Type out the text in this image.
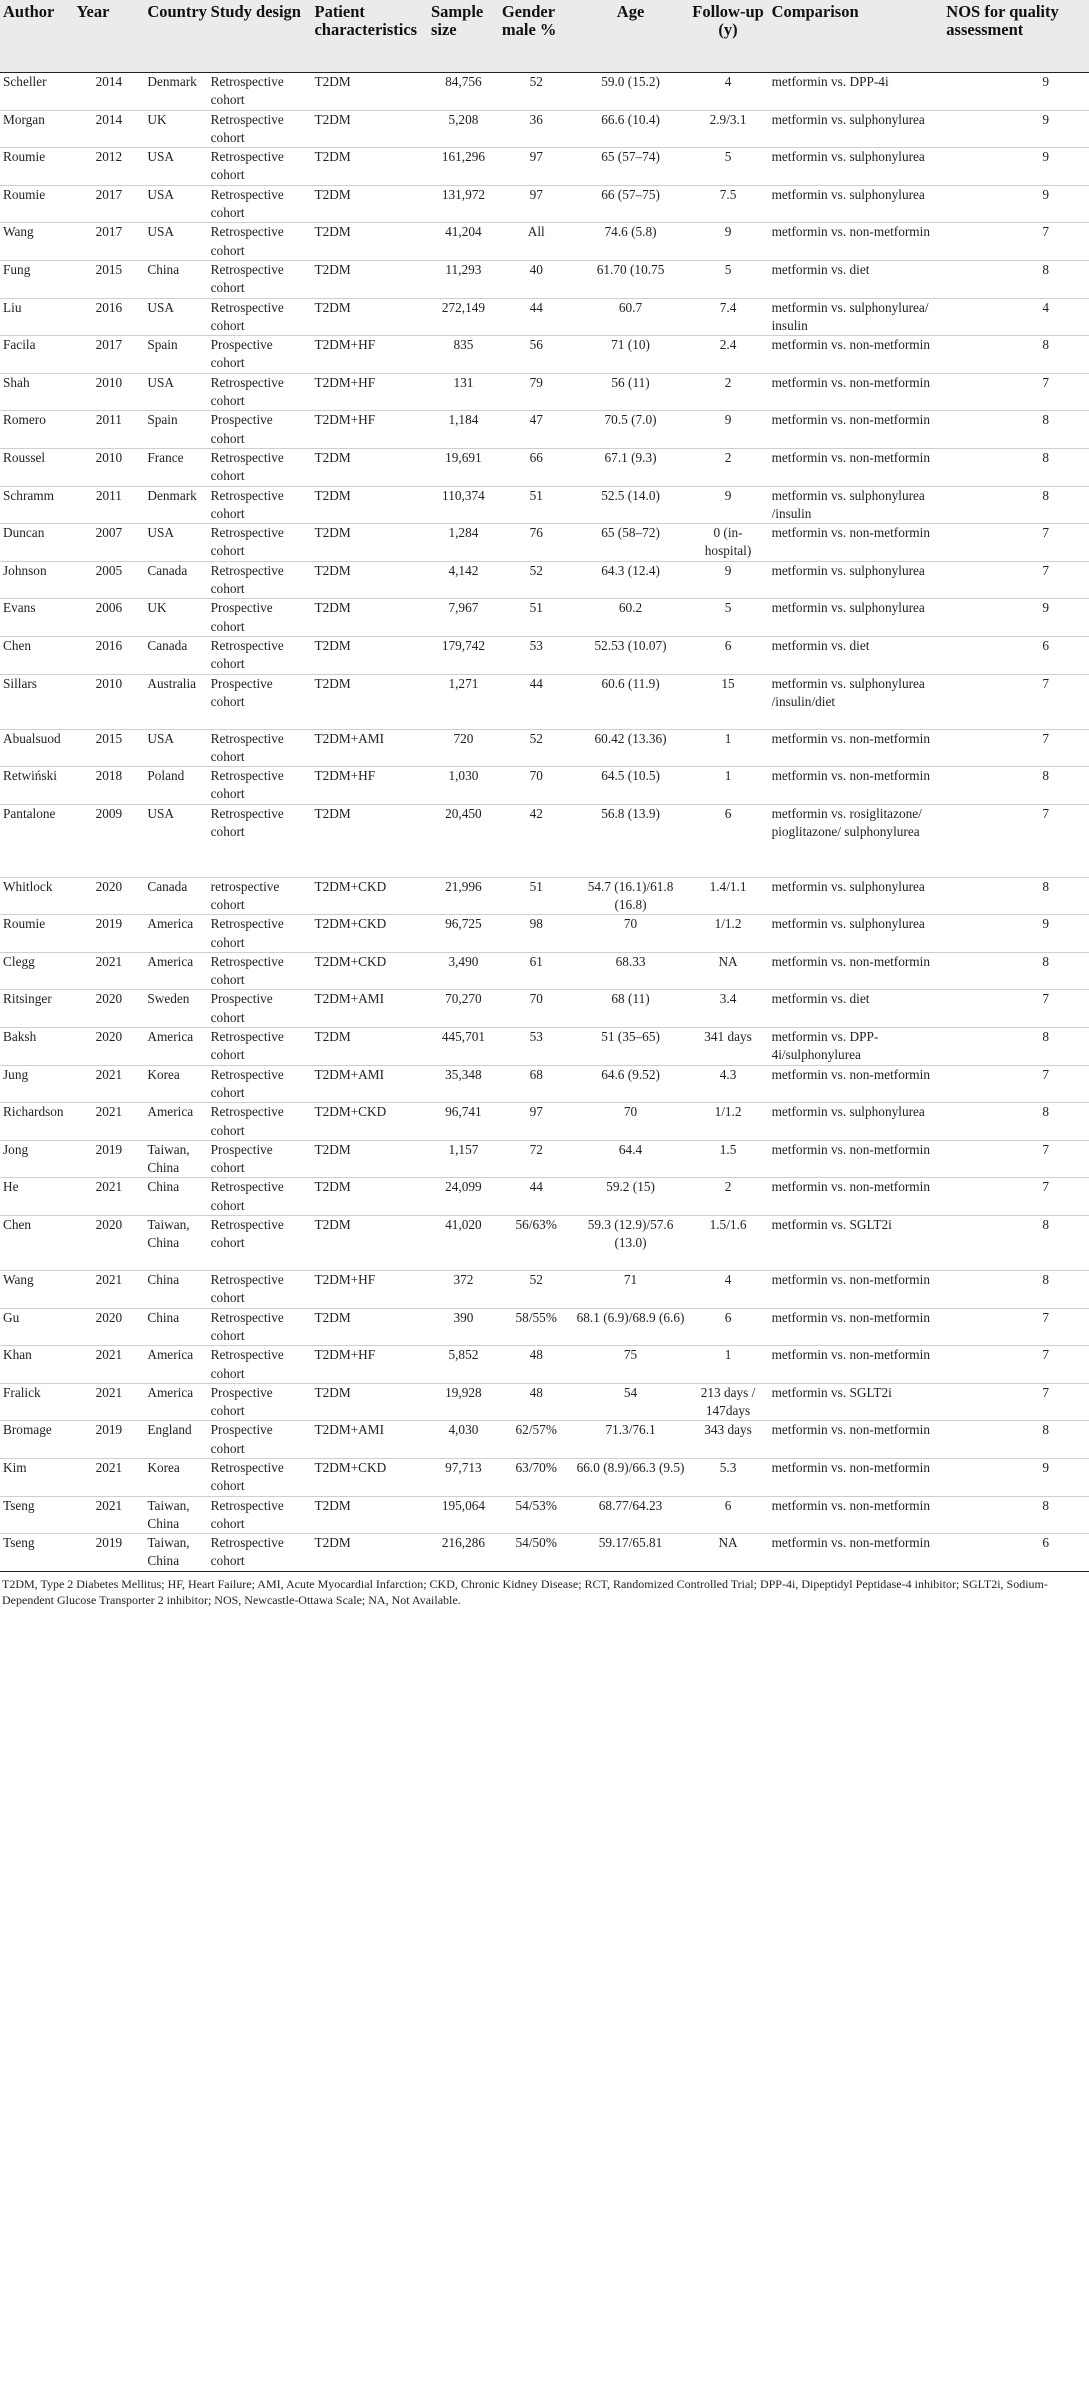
Author	Year	Country	Study design	Patient characteristics	Sample size	Gender male %	Age	Follow-up (y)	Comparison	NOS for quality assessment
Scheller	2014	Denmark	Retrospective cohort	T2DM	84,756	52	59.0 (15.2)	4	metformin vs. DPP-4i	9
Morgan	2014	UK	Retrospective cohort	T2DM	5,208	36	66.6 (10.4)	2.9/3.1	metformin vs. sulphonylurea	9
Roumie	2012	USA	Retrospective cohort	T2DM	161,296	97	65 (57–74)	5	metformin vs. sulphonylurea	9
Roumie	2017	USA	Retrospective cohort	T2DM	131,972	97	66 (57–75)	7.5	metformin vs. sulphonylurea	9
Wang	2017	USA	Retrospective cohort	T2DM	41,204	All	74.6 (5.8)	9	metformin vs. non-metformin	7
Fung	2015	China	Retrospective cohort	T2DM	11,293	40	61.70 (10.75	5	metformin vs. diet	8
Liu	2016	USA	Retrospective cohort	T2DM	272,149	44	60.7	7.4	metformin vs. sulphonylurea/ insulin	4
Facila	2017	Spain	Prospective cohort	T2DM+HF	835	56	71 (10)	2.4	metformin vs. non-metformin	8
Shah	2010	USA	Retrospective cohort	T2DM+HF	131	79	56 (11)	2	metformin vs. non-metformin	7
Romero	2011	Spain	Prospective cohort	T2DM+HF	1,184	47	70.5 (7.0)	9	metformin vs. non-metformin	8
Roussel	2010	France	Retrospective cohort	T2DM	19,691	66	67.1 (9.3)	2	metformin vs. non-metformin	8
Schramm	2011	Denmark	Retrospective cohort	T2DM	110,374	51	52.5 (14.0)	9	metformin vs. sulphonylurea /insulin	8
Duncan	2007	USA	Retrospective cohort	T2DM	1,284	76	65 (58–72)	0 (in-hospital)	metformin vs. non-metformin	7
Johnson	2005	Canada	Retrospective cohort	T2DM	4,142	52	64.3 (12.4)	9	metformin vs. sulphonylurea	7
Evans	2006	UK	Prospective cohort	T2DM	7,967	51	60.2	5	metformin vs. sulphonylurea	9
Chen	2016	Canada	Retrospective cohort	T2DM	179,742	53	52.53 (10.07)	6	metformin vs. diet	6
Sillars	2010	Australia	Prospective cohort	T2DM	1,271	44	60.6 (11.9)	15	metformin vs. sulphonylurea /insulin/diet	7
Abualsuod	2015	USA	Retrospective cohort	T2DM+AMI	720	52	60.42 (13.36)	1	metformin vs. non-metformin	7
Retwiński	2018	Poland	Retrospective cohort	T2DM+HF	1,030	70	64.5 (10.5)	1	metformin vs. non-metformin	8
Pantalone	2009	USA	Retrospective cohort	T2DM	20,450	42	56.8 (13.9)	6	metformin vs. rosiglitazone/ pioglitazone/ sulphonylurea	7
Whitlock	2020	Canada	retrospective cohort	T2DM+CKD	21,996	51	54.7 (16.1)/61.8 (16.8)	1.4/1.1	metformin vs. sulphonylurea	8
Roumie	2019	America	Retrospective cohort	T2DM+CKD	96,725	98	70	1/1.2	metformin vs. sulphonylurea	9
Clegg	2021	America	Retrospective cohort	T2DM+CKD	3,490	61	68.33	NA	metformin vs. non-metformin	8
Ritsinger	2020	Sweden	Prospective cohort	T2DM+AMI	70,270	70	68 (11)	3.4	metformin vs. diet	7
Baksh	2020	America	Retrospective cohort	T2DM	445,701	53	51 (35–65)	341 days	metformin vs. DPP-4i/sulphonylurea	8
Jung	2021	Korea	Retrospective cohort	T2DM+AMI	35,348	68	64.6 (9.52)	4.3	metformin vs. non-metformin	7
Richardson	2021	America	Retrospective cohort	T2DM+CKD	96,741	97	70	1/1.2	metformin vs. sulphonylurea	8
Jong	2019	Taiwan, China	Prospective cohort	T2DM	1,157	72	64.4	1.5	metformin vs. non-metformin	7
He	2021	China	Retrospective cohort	T2DM	24,099	44	59.2 (15)	2	metformin vs. non-metformin	7
Chen	2020	Taiwan, China	Retrospective cohort	T2DM	41,020	56/63%	59.3 (12.9)/57.6 (13.0)	1.5/1.6	metformin vs. SGLT2i	8
Wang	2021	China	Retrospective cohort	T2DM+HF	372	52	71	4	metformin vs. non-metformin	8
Gu	2020	China	Retrospective cohort	T2DM	390	58/55%	68.1 (6.9)/68.9 (6.6)	6	metformin vs. non-metformin	7
Khan	2021	America	Retrospective cohort	T2DM+HF	5,852	48	75	1	metformin vs. non-metformin	7
Fralick	2021	America	Prospective cohort	T2DM	19,928	48	54	213 days / 147days	metformin vs. SGLT2i	7
Bromage	2019	England	Prospective cohort	T2DM+AMI	4,030	62/57%	71.3/76.1	343 days	metformin vs. non-metformin	8
Kim	2021	Korea	Retrospective cohort	T2DM+CKD	97,713	63/70%	66.0 (8.9)/66.3 (9.5)	5.3	metformin vs. non-metformin	9
Tseng	2021	Taiwan, China	Retrospective cohort	T2DM	195,064	54/53%	68.77/64.23	6	metformin vs. non-metformin	8
Tseng	2019	Taiwan, China	Retrospective cohort	T2DM	216,286	54/50%	59.17/65.81	NA	metformin vs. non-metformin	6
T2DM, Type 2 Diabetes Mellitus; HF, Heart Failure; AMI, Acute Myocardial Infarction; CKD, Chronic Kidney Disease; RCT, Randomized Controlled Trial; DPP-4i, Dipeptidyl Peptidase-4 inhibitor; SGLT2i, Sodium-Dependent Glucose Transporter 2 inhibitor; NOS, Newcastle-Ottawa Scale; NA, Not Available.
